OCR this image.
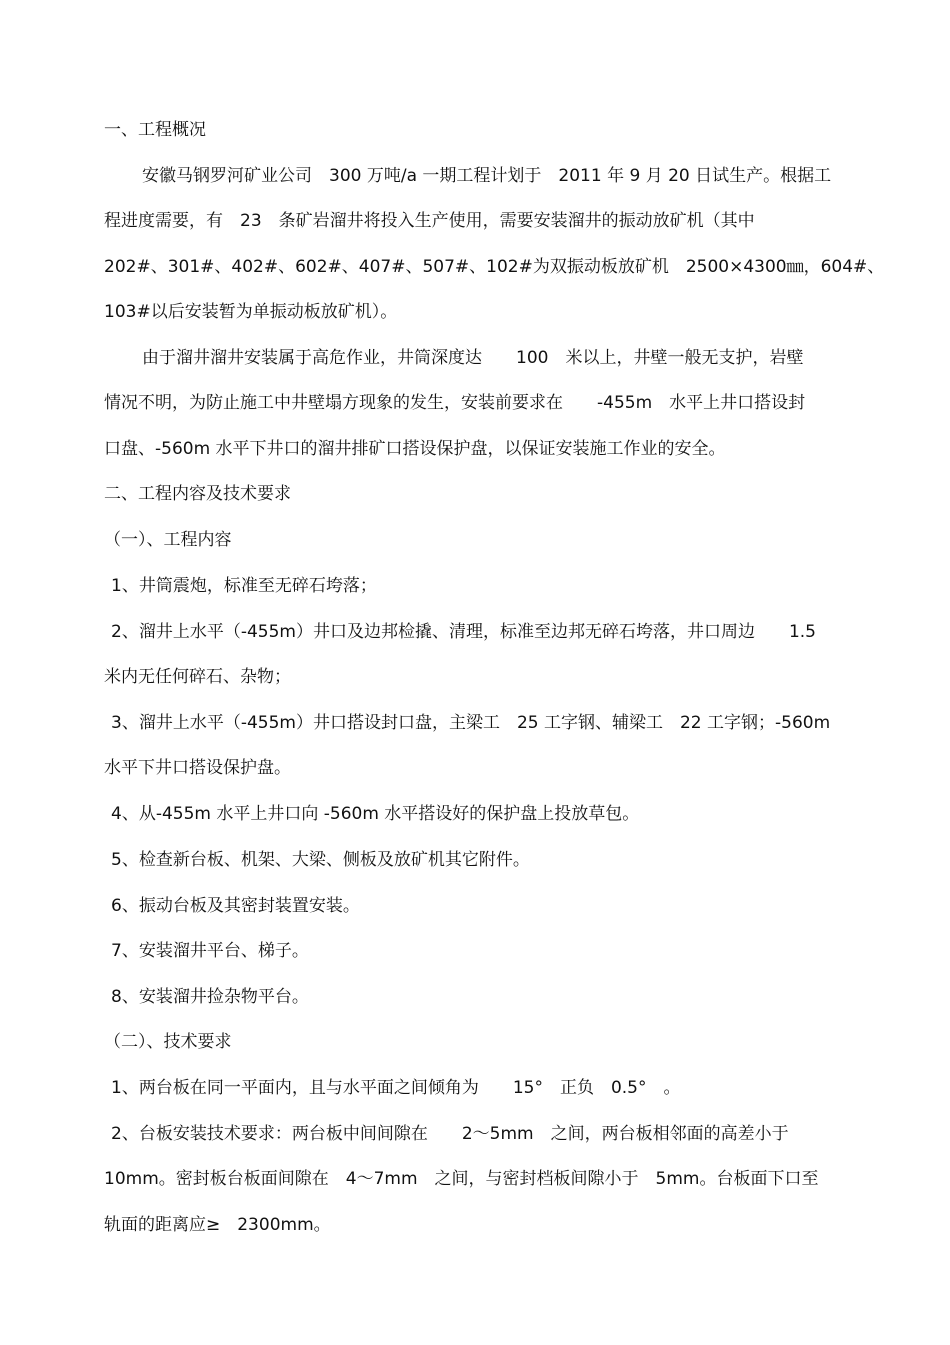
一、工程概况
安徽马钢罗河矿业公司　300 万吨/a 一期工程计划于　2011 年 9 月 20 日试生产。根据工
程进度需要，有　23　条矿岩溜井将投入生产使用，需要安装溜井的振动放矿机（其中
202#、301#、402#、602#、407#、507#、102#为双振动板放矿机　2500×4300㎜，604#、
103#以后安装暂为单振动板放矿机）。
由于溜井溜井安装属于高危作业，井筒深度达　　100　米以上，井壁一般无支护，岩壁
情况不明，为防止施工中井壁塌方现象的发生，安装前要求在　　-455m　水平上井口搭设封
口盘、-560m 水平下井口的溜井排矿口搭设保护盘，以保证安装施工作业的安全。
二、工程内容及技术要求
（一）、工程内容
1、井筒震炮，标准至无碎石垮落；
2、溜井上水平（-455m）井口及边邦检撬、清理，标准至边邦无碎石垮落，井口周边　　1.5
米内无任何碎石、杂物；
3、溜井上水平（-455m）井口搭设封口盘，主梁工　25 工字钢、辅梁工　22 工字钢；-560m
水平下井口搭设保护盘。
4、从-455m 水平上井口向 -560m 水平搭设好的保护盘上投放草包。
5、检查新台板、机架、大梁、侧板及放矿机其它附件。
6、振动台板及其密封装置安装。
7、安装溜井平台、梯子。
8、安装溜井捡杂物平台。
（二）、技术要求
1、两台板在同一平面内，且与水平面之间倾角为　　15°　正负　0.5°　。
2、台板安装技术要求：两台板中间间隙在　　2～5mm　之间，两台板相邻面的高差小于
10mm。密封板台板面间隙在　4～7mm　之间，与密封档板间隙小于　5mm。台板面下口至
轨面的距离应≥　2300mm。
